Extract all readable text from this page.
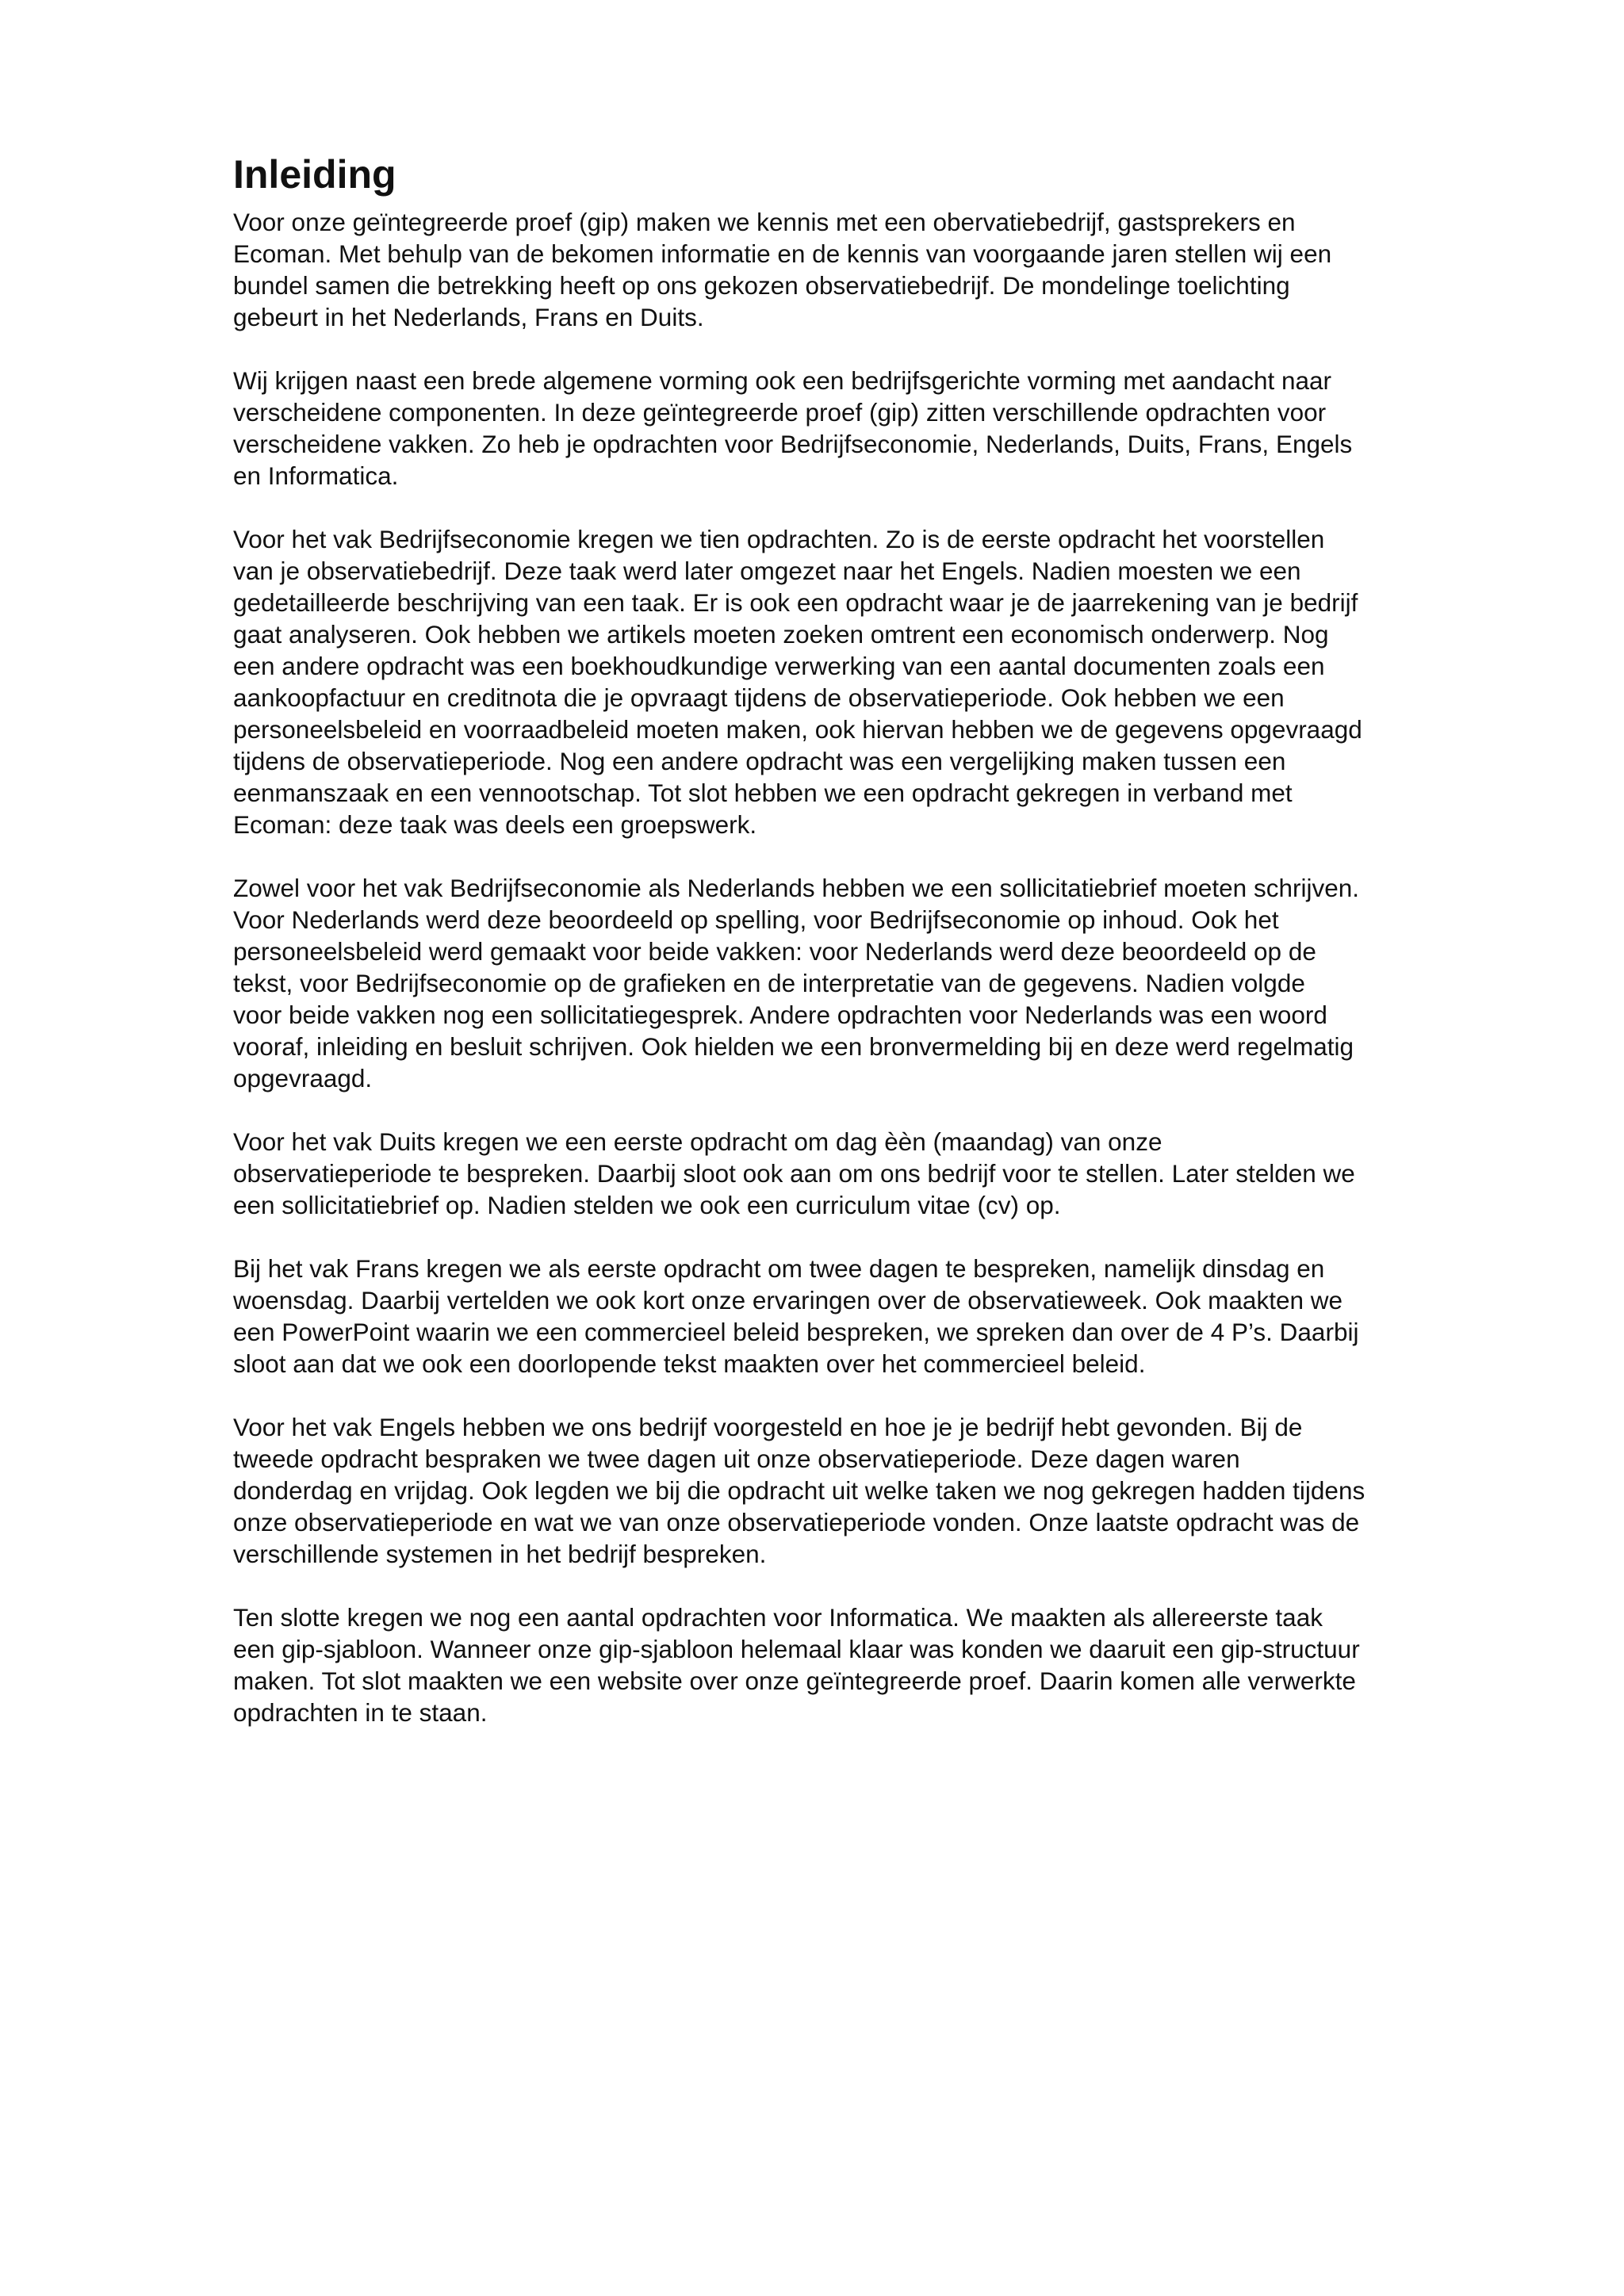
Inleiding
Voor onze geïntegreerde proef (gip) maken we kennis met een obervatiebedrijf, gastsprekers en
Ecoman. Met behulp van de bekomen informatie en de kennis van voorgaande jaren stellen wij een
bundel samen die betrekking heeft op ons gekozen observatiebedrijf. De mondelinge toelichting
gebeurt in het Nederlands, Frans en Duits.
Wij krijgen naast een brede algemene vorming ook een bedrijfsgerichte vorming met aandacht naar
verscheidene componenten. In deze geïntegreerde proef (gip) zitten verschillende opdrachten voor
verscheidene vakken. Zo heb je opdrachten voor Bedrijfseconomie, Nederlands, Duits, Frans, Engels
en Informatica.
Voor het vak Bedrijfseconomie kregen we tien opdrachten. Zo is de eerste opdracht het voorstellen
van je observatiebedrijf. Deze taak werd later omgezet naar het Engels. Nadien moesten we een
gedetailleerde beschrijving van een taak. Er is ook een opdracht waar je de jaarrekening van je bedrijf
gaat analyseren. Ook hebben we artikels moeten zoeken omtrent een economisch onderwerp. Nog
een andere opdracht was een boekhoudkundige verwerking van een aantal documenten zoals een
aankoopfactuur en creditnota die je opvraagt tijdens de observatieperiode. Ook hebben we een
personeelsbeleid en voorraadbeleid moeten maken, ook hiervan hebben we de gegevens opgevraagd
tijdens de observatieperiode. Nog een andere opdracht was een vergelijking maken tussen een
eenmanszaak en een vennootschap. Tot slot hebben we een opdracht gekregen in verband met
Ecoman: deze taak was deels een groepswerk.
Zowel voor het vak Bedrijfseconomie als Nederlands hebben we een sollicitatiebrief moeten schrijven.
Voor Nederlands werd deze beoordeeld op spelling, voor Bedrijfseconomie op inhoud. Ook het
personeelsbeleid werd gemaakt voor beide vakken: voor Nederlands werd deze beoordeeld op de
tekst, voor Bedrijfseconomie op de grafieken en de interpretatie van de gegevens. Nadien volgde
voor beide vakken nog een sollicitatiegesprek. Andere opdrachten voor Nederlands was een woord
vooraf, inleiding en besluit schrijven. Ook hielden we een bronvermelding bij en deze werd regelmatig
opgevraagd.
Voor het vak Duits kregen we een eerste opdracht om dag èèn (maandag) van onze
observatieperiode te bespreken. Daarbij sloot ook aan om ons bedrijf voor te stellen. Later stelden we
een sollicitatiebrief op. Nadien stelden we ook een curriculum vitae (cv) op.
Bij het vak Frans kregen we als eerste opdracht om twee dagen te bespreken, namelijk dinsdag en
woensdag. Daarbij vertelden we ook kort onze ervaringen over de observatieweek. Ook maakten we
een PowerPoint waarin we een commercieel beleid bespreken, we spreken dan over de 4 P’s. Daarbij
sloot aan dat we ook een doorlopende tekst maakten over het commercieel beleid.
Voor het vak Engels hebben we ons bedrijf voorgesteld en hoe je je bedrijf hebt gevonden. Bij de
tweede opdracht bespraken we twee dagen uit onze observatieperiode. Deze dagen waren
donderdag en vrijdag. Ook legden we bij die opdracht uit welke taken we nog gekregen hadden tijdens
onze observatieperiode en wat we van onze observatieperiode vonden. Onze laatste opdracht was de
verschillende systemen in het bedrijf bespreken.
Ten slotte kregen we nog een aantal opdrachten voor Informatica. We maakten als allereerste taak
een gip-sjabloon. Wanneer onze gip-sjabloon helemaal klaar was konden we daaruit een gip-structuur
maken. Tot slot maakten we een website over onze geïntegreerde proef. Daarin komen alle verwerkte
opdrachten in te staan.
